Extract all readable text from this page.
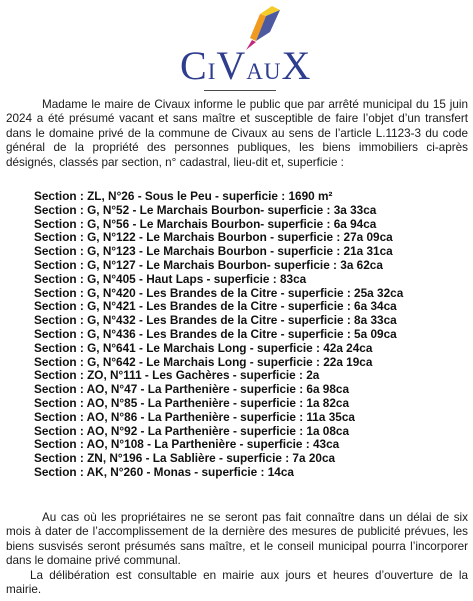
CIVAUX

Madame le maire de Civaux informe le public que par arrêté municipal du 15 juin 2024 a été présumé vacant et sans maître et susceptible de faire l’objet d’un transfert dans le domaine privé de la commune de Civaux au sens de l’article L.1123-3 du code général de la propriété des personnes publiques, les biens immobiliers ci-après désignés, classés par section, n° cadastral, lieu-dit et, superficie :

Section : ZL, N°26 - Sous le Peu - superficie : 1690 m²
Section : G, N°52 - Le Marchais Bourbon- superficie : 3a 33ca
Section : G, N°56 - Le Marchais Bourbon- superficie : 6a 94ca
Section : G, N°122 - Le Marchais Bourbon - superficie : 27a 09ca
Section : G, N°123 - Le Marchais Bourbon - superficie : 21a 31ca
Section : G, N°127 - Le Marchais Bourbon- superficie : 3a 62ca
Section : G, N°405 - Haut Laps - superficie : 83ca
Section : G, N°420 - Les Brandes de la Citre - superficie : 25a 32ca
Section : G, N°421 - Les Brandes de la Citre - superficie : 6a 34ca
Section : G, N°432 - Les Brandes de la Citre - superficie : 8a 33ca
Section : G, N°436 - Les Brandes de la Citre - superficie : 5a 09ca
Section : G, N°641 - Le Marchais Long - superficie : 42a 24ca
Section : G, N°642 - Le Marchais Long - superficie : 22a 19ca
Section : ZO, N°111 - Les Gachères - superficie : 2a
Section : AO, N°47 - La Parthenière - superficie : 6a 98ca
Section : AO, N°85 - La Parthenière - superficie : 1a 82ca
Section : AO, N°86 - La Parthenière - superficie : 11a 35ca
Section : AO, N°92 - La Parthenière - superficie : 1a 08ca
Section : AO, N°108 - La Parthenière - superficie : 43ca
Section : ZN, N°196 - La Sablière - superficie : 7a 20ca
Section : AK, N°260 - Monas - superficie : 14ca

Au cas où les propriétaires ne se seront pas fait connaître dans un délai de six mois à dater de l’accomplissement de la dernière des mesures de publicité prévues, les biens susvisés seront présumés sans maître, et le conseil municipal pourra l’incorporer dans le domaine privé communal.

La délibération est consultable en mairie aux jours et heures d’ouverture de la mairie.
